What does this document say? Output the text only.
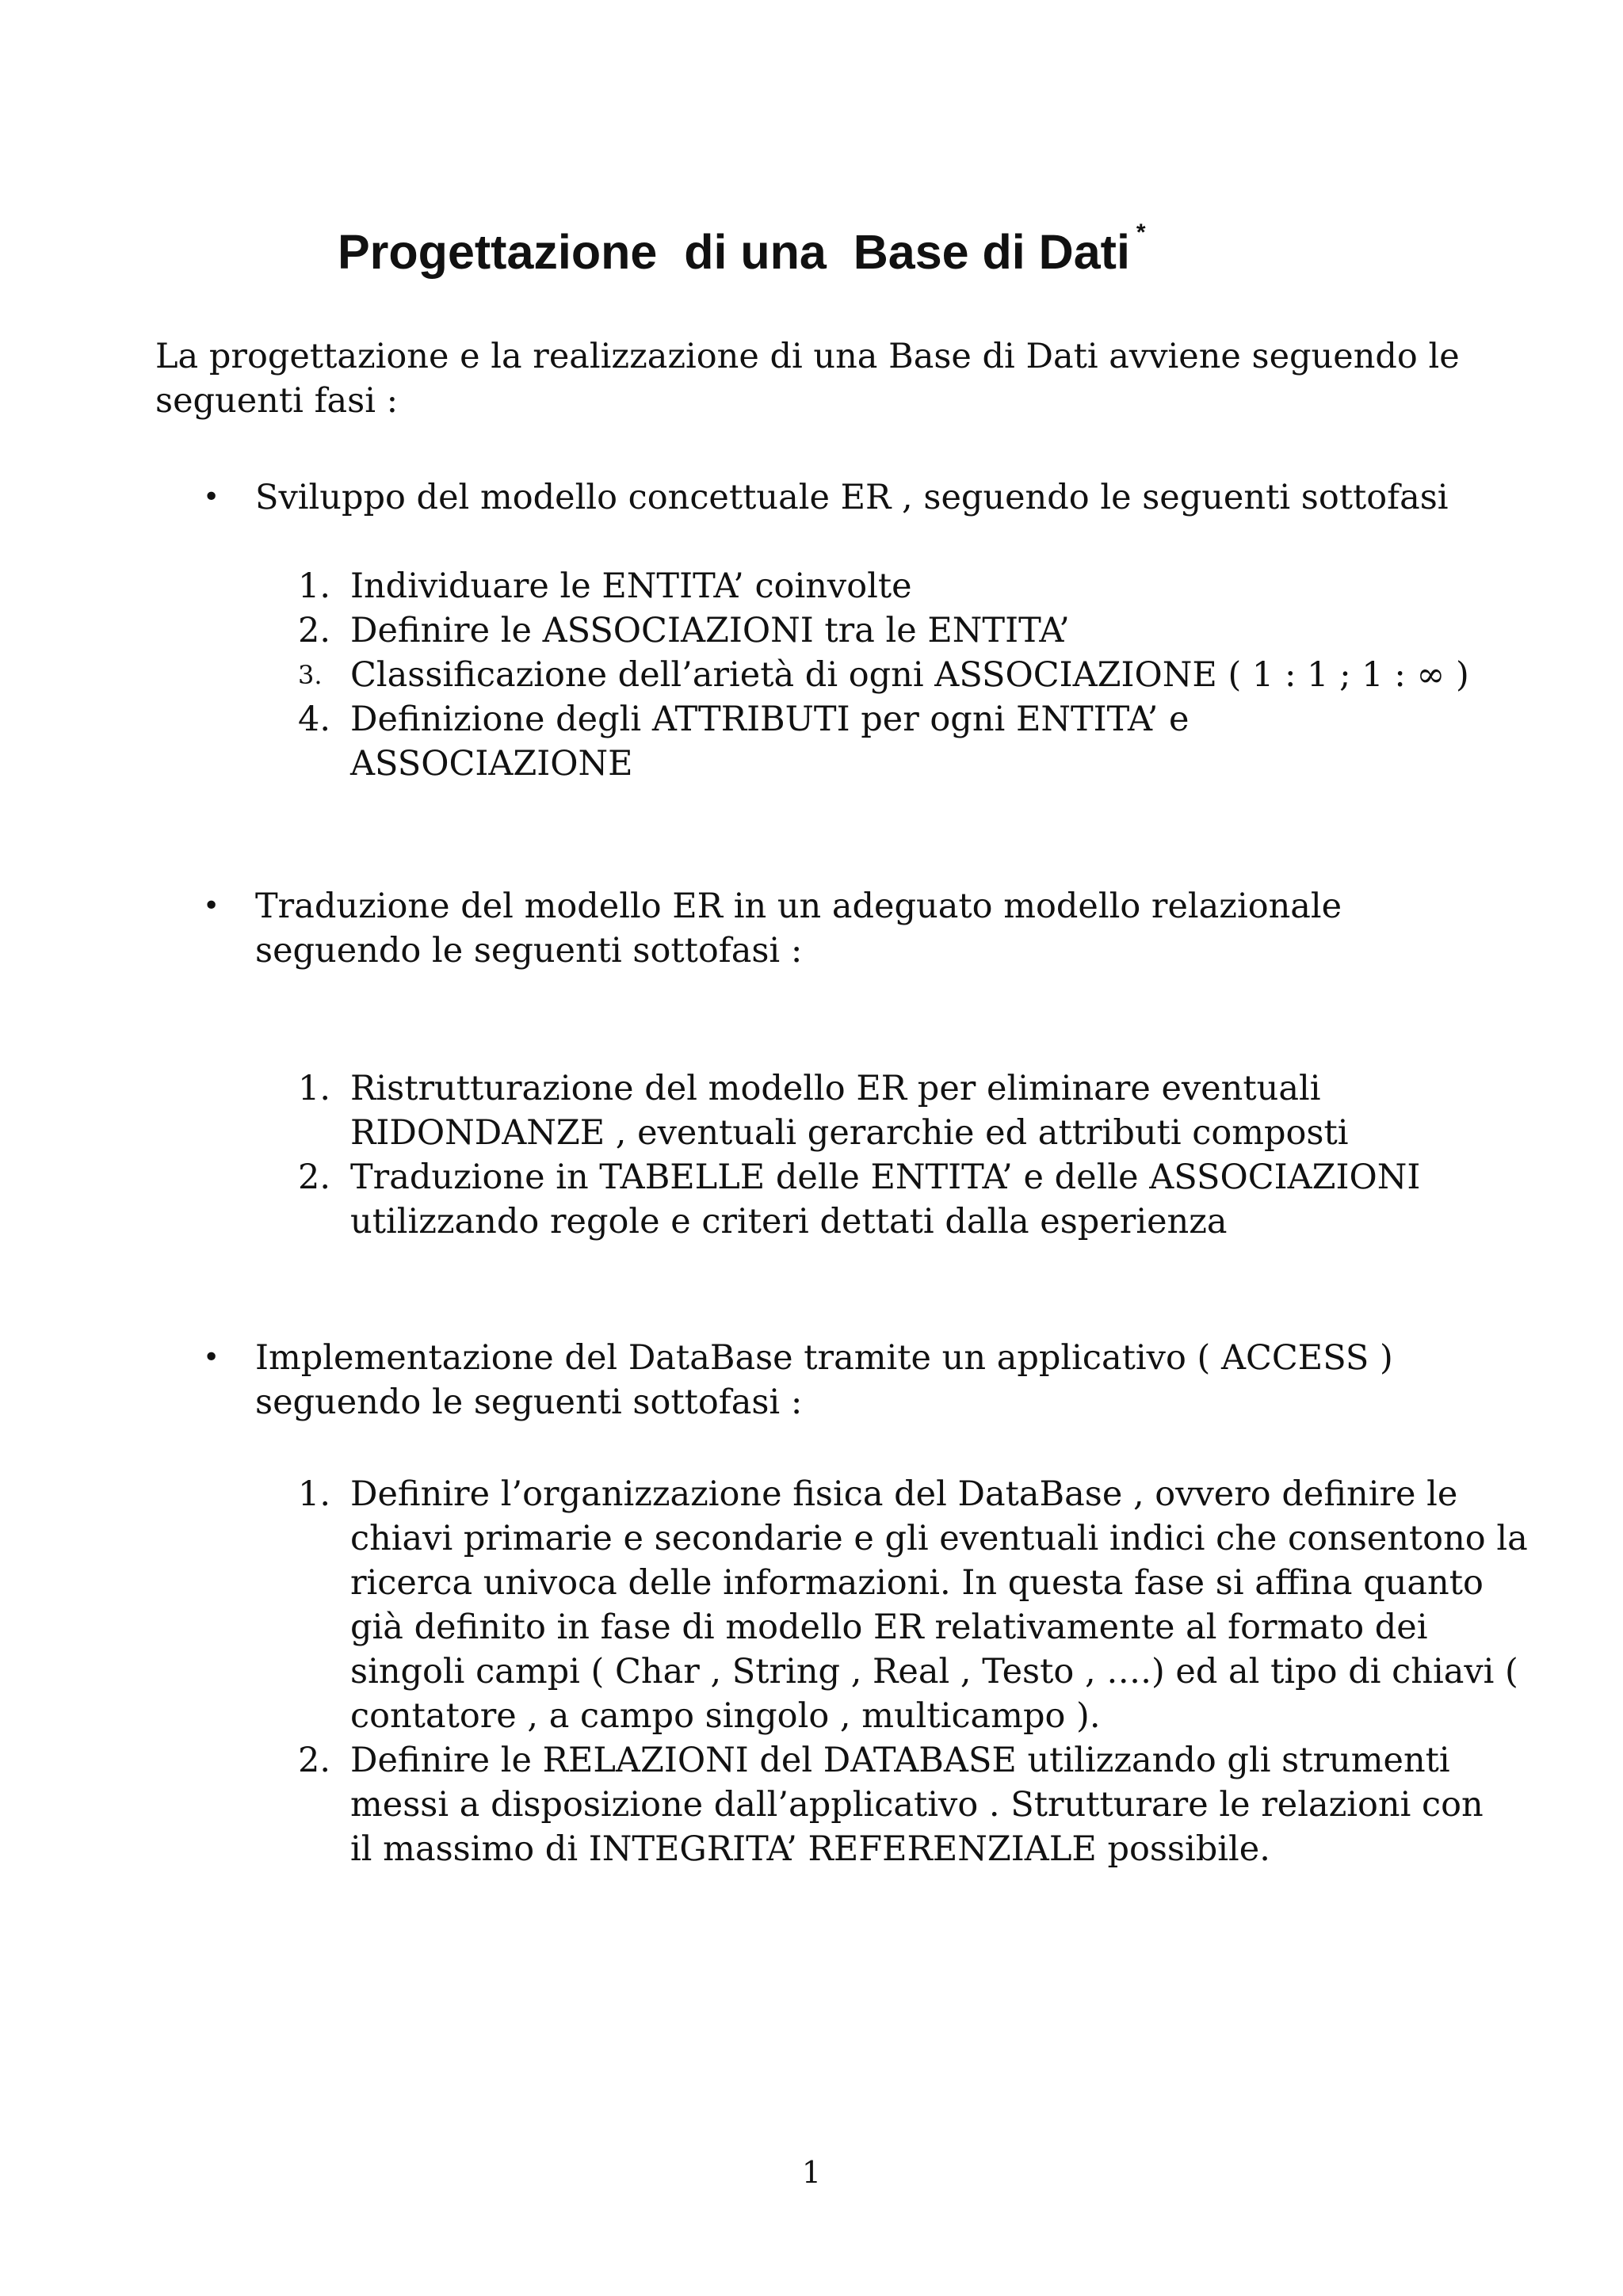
Progettazione  di una  Base di Dati *

La progettazione e la realizzazione di una Base di Dati avviene seguendo le seguenti fasi :

•	Sviluppo del modello concettuale ER , seguendo le seguenti sottofasi
1. Individuare le ENTITA’ coinvolte
2. Definire le ASSOCIAZIONI tra le ENTITA’
3. Classificazione dell’arietà di ogni ASSOCIAZIONE ( 1 : 1 ; 1 : ∞ )
4. Definizione degli ATTRIBUTI per ogni ENTITA’ e ASSOCIAZIONE
•	Traduzione del modello ER in un adeguato modello relazionale seguendo le seguenti sottofasi :
1. Ristrutturazione del modello ER per eliminare eventuali RIDONDANZE , eventuali gerarchie ed attributi composti
2. Traduzione in TABELLE delle ENTITA’ e delle ASSOCIAZIONI utilizzando regole e criteri dettati dalla esperienza
•	Implementazione del DataBase tramite un applicativo ( ACCESS ) seguendo le seguenti sottofasi :
1. Definire l’organizzazione fisica del DataBase , ovvero definire le chiavi primarie e secondarie e gli eventuali indici che consentono la ricerca univoca delle informazioni. In questa fase si affina quanto già definito in fase di modello ER relativamente al formato dei singoli campi ( Char , String , Real , Testo , ….) ed al tipo di chiavi ( contatore , a campo singolo , multicampo ).
2. Definire le RELAZIONI del DATABASE utilizzando gli strumenti messi a disposizione dall’applicativo . Strutturare le relazioni con il massimo di INTEGRITA’ REFERENZIALE possibile.
1
